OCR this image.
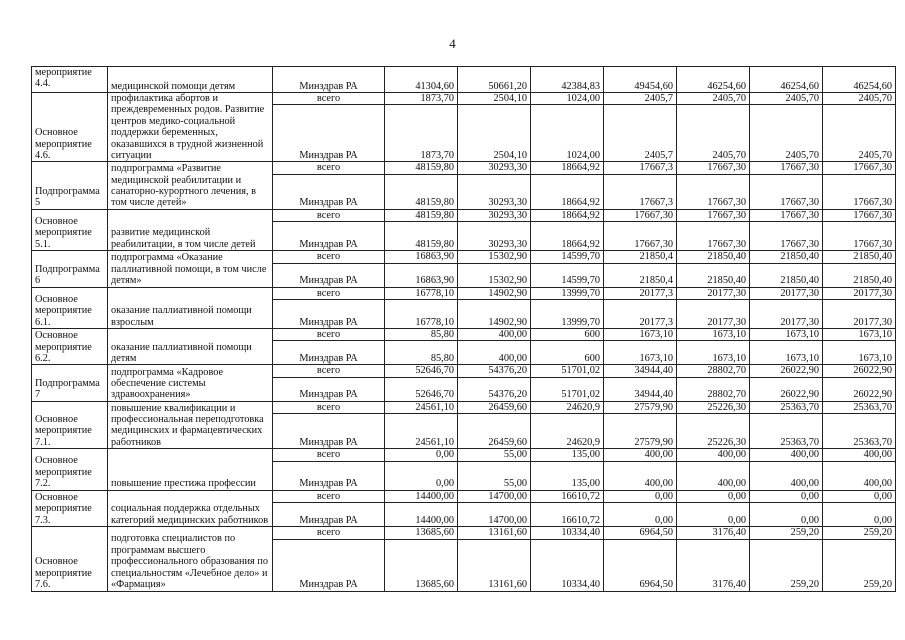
4
мероприятие 4.4.	медицинской помощи детям	Минздрав РА	41304,60	50661,20	42384,83	49454,60	46254,60	46254,60	46254,60
Основное мероприятие 4.6.	профилактика абортов и преждевременных родов. Развитие центров медико-социальной поддержки беременных, оказавшихся в трудной жизненной ситуации	всего	1873,70	2504,10	1024,00	2405,7	2405,70	2405,70	2405,70
		Минздрав РА	1873,70	2504,10	1024,00	2405,7	2405,70	2405,70	2405,70
Подпрограмма 5	подпрограмма «Развитие медицинской реабилитации и санаторно-курортного лечения, в том числе детей»	всего	48159,80	30293,30	18664,92	17667,3	17667,30	17667,30	17667,30
		Минздрав РА	48159,80	30293,30	18664,92	17667,3	17667,30	17667,30	17667,30
Основное мероприятие 5.1.	развитие медицинской реабилитации, в том числе детей	всего	48159,80	30293,30	18664,92	17667,30	17667,30	17667,30	17667,30
		Минздрав РА	48159,80	30293,30	18664,92	17667,30	17667,30	17667,30	17667,30
Подпрограмма 6	подпрограмма «Оказание паллиативной помощи, в том числе детям»	всего	16863,90	15302,90	14599,70	21850,4	21850,40	21850,40	21850,40
		Минздрав РА	16863,90	15302,90	14599,70	21850,4	21850,40	21850,40	21850,40
Основное мероприятие 6.1.	оказание паллиативной помощи взрослым	всего	16778,10	14902,90	13999,70	20177,3	20177,30	20177,30	20177,30
		Минздрав РА	16778,10	14902,90	13999,70	20177,3	20177,30	20177,30	20177,30
Основное мероприятие 6.2.	оказание паллиативной помощи детям	всего	85,80	400,00	600	1673,10	1673,10	1673,10	1673,10
		Минздрав РА	85,80	400,00	600	1673,10	1673,10	1673,10	1673,10
Подпрограмма 7	подпрограмма «Кадровое обеспечение системы здравоохранения»	всего	52646,70	54376,20	51701,02	34944,40	28802,70	26022,90	26022,90
		Минздрав РА	52646,70	54376,20	51701,02	34944,40	28802,70	26022,90	26022,90
Основное мероприятие 7.1.	повышение квалификации и профессиональная переподготовка медицинских и фармацевтических работников	всего	24561,10	26459,60	24620,9	27579,90	25226,30	25363,70	25363,70
		Минздрав РА	24561,10	26459,60	24620,9	27579,90	25226,30	25363,70	25363,70
Основное мероприятие 7.2.	повышение престижа профессии	всего	0,00	55,00	135,00	400,00	400,00	400,00	400,00
		Минздрав РА	0,00	55,00	135,00	400,00	400,00	400,00	400,00
Основное мероприятие 7.3.	социальная поддержка отдельных категорий медицинских работников	всего	14400,00	14700,00	16610,72	0,00	0,00	0,00	0,00
		Минздрав РА	14400,00	14700,00	16610,72	0,00	0,00	0,00	0,00
Основное мероприятие 7.6.	подготовка специалистов по программам высшего профессионального образования по специальностям «Лечебное дело» и «Фармация»	всего	13685,60	13161,60	10334,40	6964,50	3176,40	259,20	259,20
		Минздрав РА	13685,60	13161,60	10334,40	6964,50	3176,40	259,20	259,20
